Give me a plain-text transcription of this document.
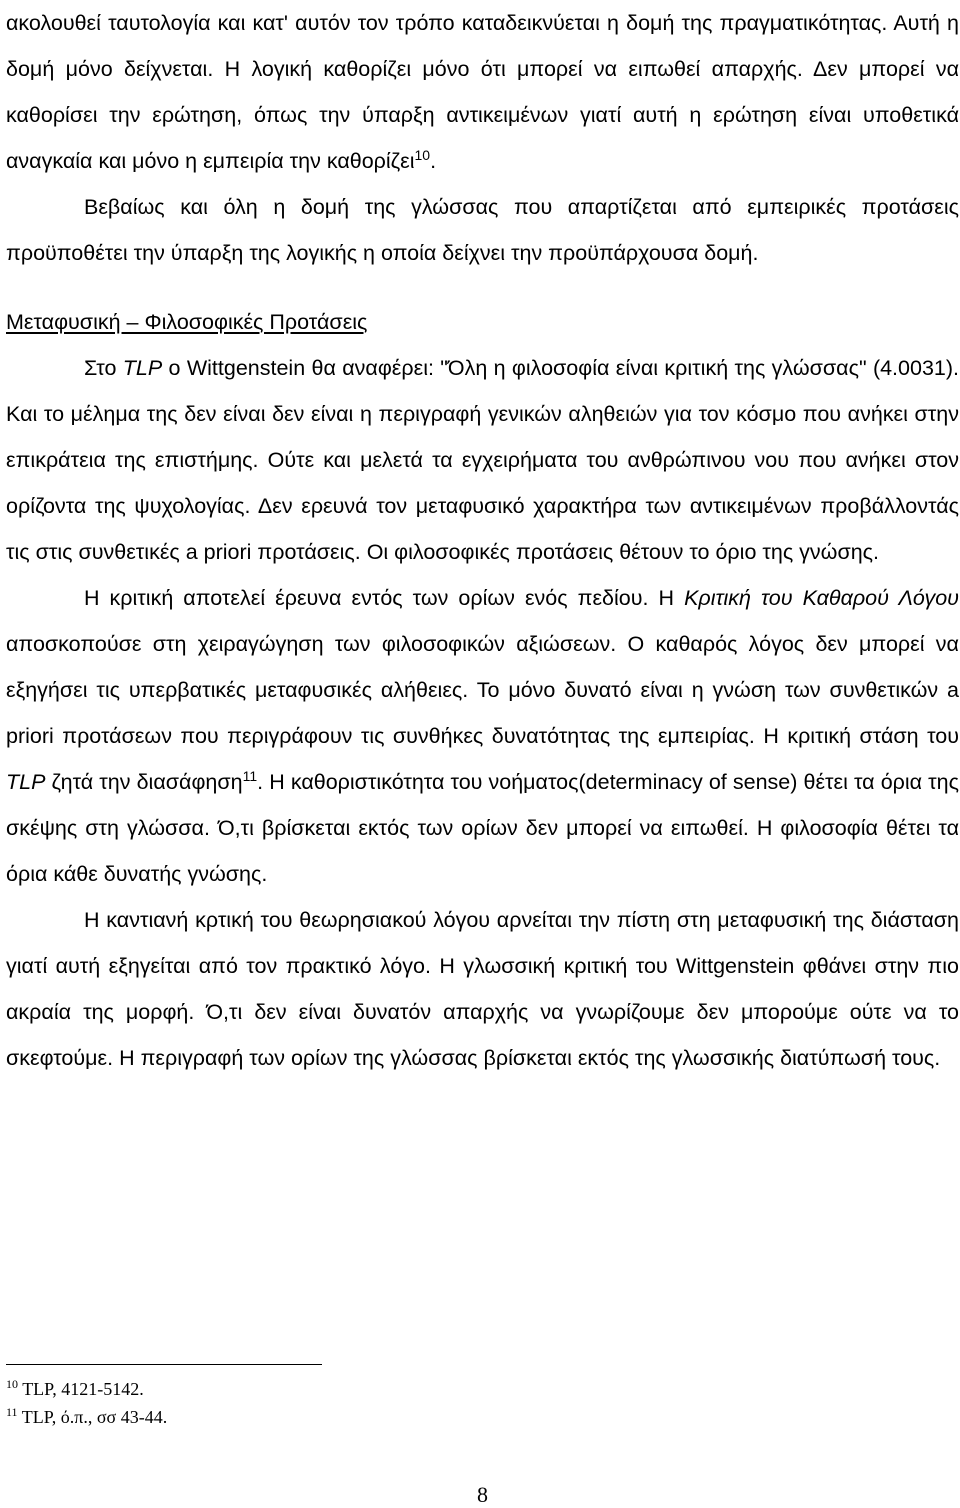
ακολουθεί ταυτολογία και κατ' αυτόν τον τρόπο καταδεικνύεται η δομή της πραγματικότητας. Αυτή η δομή μόνο δείχνεται. Η λογική καθορίζει μόνο ότι μπορεί να ειπωθεί απαρχής. Δεν μπορεί να καθορίσει την ερώτηση, όπως την ύπαρξη αντικειμένων γιατί αυτή η ερώτηση είναι υποθετικά αναγκαία και μόνο η εμπειρία την καθορίζει$^{10}$.

Βεβαίως και όλη η δομή της γλώσσας που απαρτίζεται από εμπειρικές προτάσεις προϋποθέτει την ύπαρξη της λογικής η οποία δείχνει την προϋπάρχουσα δομή.

Μεταφυσική – Φιλοσοφικές Προτάσεις

Στο TLP ο Wittgenstein θα αναφέρει: "Όλη η φιλοσοφία είναι κριτική της γλώσσας" (4.0031). Και το μέλημα της δεν είναι δεν είναι η περιγραφή γενικών αληθειών για τον κόσμο που ανήκει στην επικράτεια της επιστήμης. Ούτε και μελετά τα εγχειρήματα του ανθρώπινου νου που ανήκει στον ορίζοντα της ψυχολογίας. Δεν ερευνά τον μεταφυσικό χαρακτήρα των αντικειμένων προβάλλοντάς τις στις συνθετικές a priori προτάσεις. Οι φιλοσοφικές προτάσεις θέτουν το όριο της γνώσης.

Η κριτική αποτελεί έρευνα εντός των ορίων ενός πεδίου. Η Κριτική του Καθαρού Λόγου αποσκοπούσε στη χειραγώγηση των φιλοσοφικών αξιώσεων. Ο καθαρός λόγος δεν μπορεί να εξηγήσει τις υπερβατικές μεταφυσικές αλήθειες. Το μόνο δυνατό είναι η γνώση των συνθετικών a priori προτάσεων που περιγράφουν τις συνθήκες δυνατότητας της εμπειρίας. Η κριτική στάση του TLP ζητά την διασάφηση$^{11}$. Η καθοριστικότητα του νοήματος(determinacy of sense) θέτει τα όρια της σκέψης στη γλώσσα. Ό,τι βρίσκεται εκτός των ορίων δεν μπορεί να ειπωθεί. Η φιλοσοφία θέτει τα όρια κάθε δυνατής γνώσης.

Η καντιανή κρτική του θεωρησιακού λόγου αρνείται την πίστη στη μεταφυσική της διάσταση γιατί αυτή εξηγείται από τον πρακτικό λόγο. Η γλωσσική κριτική του Wittgenstein φθάνει στην πιο ακραία της μορφή. Ό,τι δεν είναι δυνατόν απαρχής να γνωρίζουμε δεν μπορούμε ούτε να το σκεφτούμε. Η περιγραφή των ορίων της γλώσσας βρίσκεται εκτός της γλωσσικής διατύπωσή τους.

$^{10}$ TLP, 4121-5142.
$^{11}$ TLP, ό.π., σσ 43-44.
8
